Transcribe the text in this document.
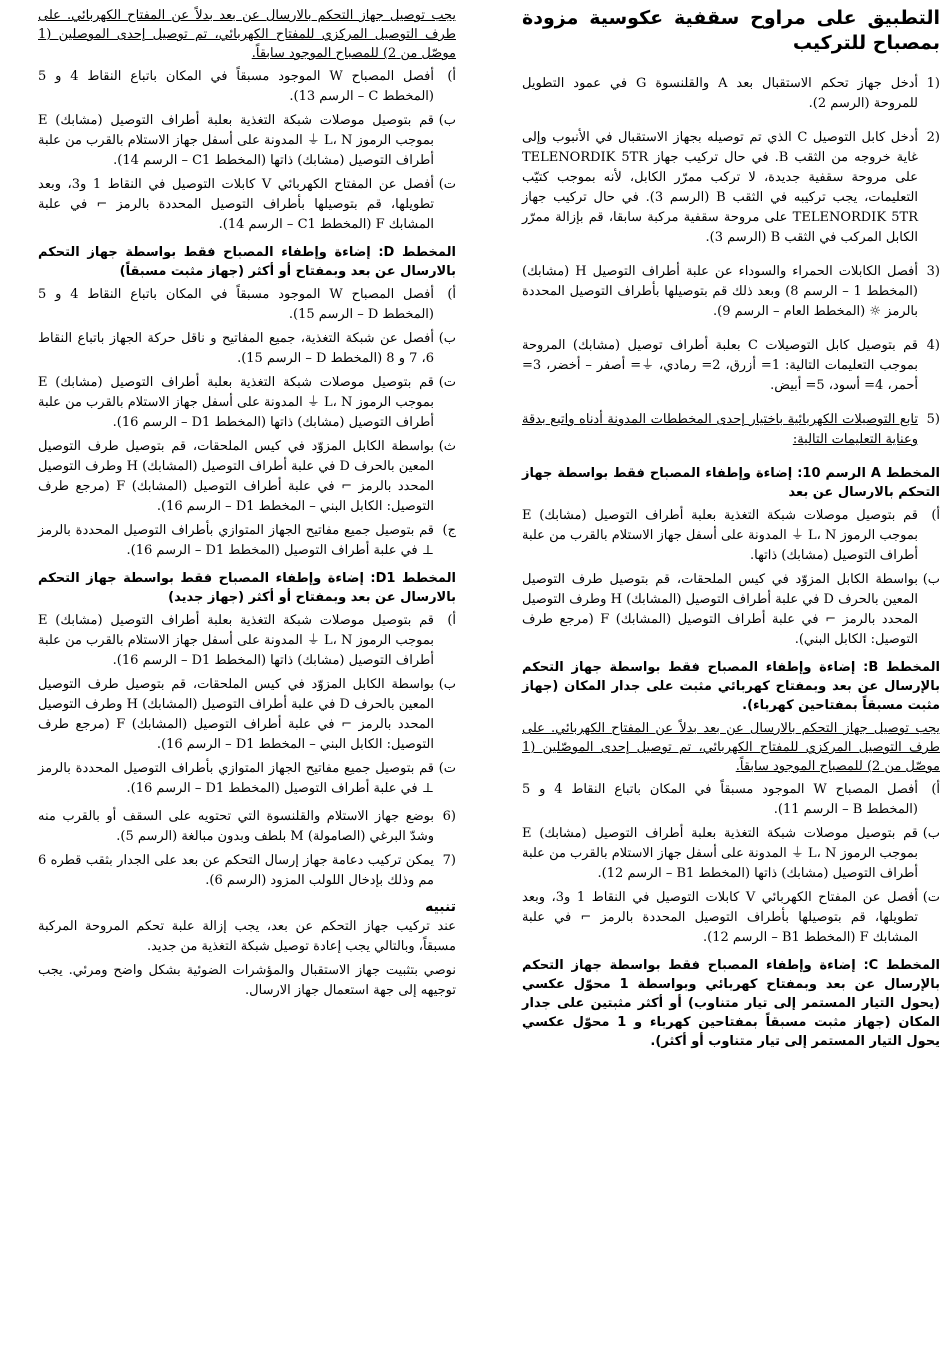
التطبيق على مراوح سقفية عكوسية مزودة بمصباح للتركيب
(1
أدخل جهاز تحكم الاستقبال بعد A والقلنسوة G في عمود التطويل للمروحة (الرسم 2).
(2
أدخل كابل التوصيل C الذي تم توصيله بجهاز الاستقبال في الأنبوب وإلى غاية خروجه من الثقب B. في حال تركيب جهاز TELENORDIK 5TR على مروحة سقفية جديدة، لا تركب ممرّر الكابل، لأنه بموجب كتيّب التعليمات، يجب تركيبه في الثقب B (الرسم 3). في حال تركيب جهاز TELENORDIK 5TR على مروحة سقفية مركبة سابقا، قم بإزالة ممرّر الكابل المركب في الثقب B (الرسم 3).
(3
أفصل الكابلات الحمراء والسوداء عن علبة أطراف التوصيل H (مشابك) (المخطط 1 – الرسم 8) وبعد ذلك قم بتوصيلها بأطراف التوصيل المحددة بالرمز ☼ (المخطط العام – الرسم 9).
(4
قم بتوصيل كابل التوصيلات C بعلبة أطراف توصيل (مشابك) المروحة بموجب التعليمات التالية: 1= أزرق، 2= رمادي، ⏚= أصفر – أخضر، 3= أحمر، 4= أسود، 5= أبيض.
(5
تابع التوصيلات الكهربائية باختيار إحدى المخططات المدونة أدناه واتبع بدقة وعناية التعليمات التالية:
المخطط A الرسم 10: إضاءة وإطفاء المصباح فقط بواسطة جهاز التحكم بالارسال عن بعد
أ)
قم بتوصيل موصلات شبكة التغذية بعلبة أطراف التوصيل (مشابك) E بموجب الرموز L، N ⏚ المدونة على أسفل جهاز الاستلام بالقرب من علبة أطراف التوصيل (مشابك) ذاتها.
ب)
بواسطة الكابل المزوّد في كيس الملحقات، قم بتوصيل طرف التوصيل المعين بالحرف D في علبة أطراف التوصيل (المشابك) H وطرف التوصيل المحدد بالرمز ⌐ في علبة أطراف التوصيل (المشابك) F (مرجع طرف التوصيل: الكابل البني).
المخطط B: إضاءة وإطفاء المصباح فقط بواسطة جهاز التحكم بالإرسال عن بعد وبمفتاح كهربائي مثبت على جدار المكان (جهاز مثبت مسبقاً بمفتاحين كهرباء).
يجب توصيل جهاز التحكم بالارسال عن بعد بدلاً عن المفتاح الكهربائي. على طرف التوصيل المركزي للمفتاح الكهربائي، تم توصيل إحدى الموصّلين (1 موصّل من 2) للمصباح الموجود سابقاً.
أ)
أفصل المصباح W الموجود مسبقاً في المكان باتباع النقاط 4 و 5 (المخطط B – الرسم 11).
ب)
قم بتوصيل موصلات شبكة التغذية بعلبة أطراف التوصيل (مشابك) E بموجب الرموز L، N ⏚ المدونة على أسفل جهاز الاستلام بالقرب من علبة أطراف التوصيل (مشابك) ذاتها (المخطط B1 – الرسم 12).
ت)
أفصل عن المفتاح الكهربائي V كابلات التوصيل في النقاط 1 و3، وبعد تطويلها، قم بتوصيلها بأطراف التوصيل المحددة بالرمز ⌐ في علبة المشابك F (المخطط B1 – الرسم 12).
المخطط C: إضاءة وإطفاء المصباح فقط بواسطة جهاز التحكم بالإرسال عن بعد وبمفتاح كهربائي وبواسطة 1 محوّل عكسي (يحول التيار المستمر إلى تيار متناوب) أو أكثر مثبتين على جدار المكان (جهاز مثبت مسبقاً بمفتاحين كهرباء و 1 محوّل عكسي يحول التيار المستمر إلى تيار متناوب أو أكثر).
يجب توصيل جهاز التحكم بالارسال عن بعد بدلاً عن المفتاح الكهربائي. على طرف التوصيل المركزي للمفتاح الكهربائي، تم توصيل إحدى الموصلين (1 موصّل من 2) للمصباح الموجود سابقاً.
أ)
أفصل المصباح W الموجود مسبقاً في المكان باتباع النقاط 4 و 5 (المخطط C – الرسم 13).
ب)
قم بتوصيل موصلات شبكة التغذية بعلبة أطراف التوصيل (مشابك) E بموجب الرموز L، N ⏚ المدونة على أسفل جهاز الاستلام بالقرب من علبة أطراف التوصيل (مشابك) ذاتها (المخطط C1 – الرسم 14).
ت)
أفصل عن المفتاح الكهربائي V كابلات التوصيل في النقاط 1 و3، وبعد تطويلها، قم بتوصيلها بأطراف التوصيل المحددة بالرمز ⌐ في علبة المشابك F (المخطط C1 – الرسم 14).
المخطط D: إضاءة وإطفاء المصباح فقط بواسطة جهاز التحكم بالارسال عن بعد وبمفتاح أو أكثر (جهاز مثبت مسبقاً)
أ)
أفصل المصباح W الموجود مسبقاً في المكان باتباع النقاط 4 و 5 (المخطط D – الرسم 15).
ب)
أفصل عن شبكة التغذية، جميع المفاتيح و ناقل حركة الجهاز باتباع النقاط 6، 7 و 8 (المخطط D – الرسم 15).
ت)
قم بتوصيل موصلات شبكة التغذية بعلبة أطراف التوصيل (مشابك) E بموجب الرموز L، N ⏚ المدونة على أسفل جهاز الاستلام بالقرب من علبة أطراف التوصيل (مشابك) ذاتها (المخطط D1 – الرسم 16).
ث)
بواسطة الكابل المزوّد في كيس الملحقات، قم بتوصيل طرف التوصيل المعين بالحرف D في علبة أطراف التوصيل (المشابك) H وطرف التوصيل المحدد بالرمز ⌐ في علبة أطراف التوصيل (المشابك) F (مرجع طرف التوصيل: الكابل البني – المخطط D1 – الرسم 16).
ج)
قم بتوصيل جميع مفاتيح الجهاز المتوازي بأطراف التوصيل المحددة بالرمز ⊥ في علبة أطراف التوصيل (المخطط D1 – الرسم 16).
المخطط D1: إضاءة وإطفاء المصباح فقط بواسطة جهاز التحكم بالارسال عن بعد وبمفتاح أو أكثر (جهاز جديد)
أ)
قم بتوصيل موصلات شبكة التغذية بعلبة أطراف التوصيل (مشابك) E بموجب الرموز L، N ⏚ المدونة على أسفل جهاز الاستلام بالقرب من علبة أطراف التوصيل (مشابك) ذاتها (المخطط D1 – الرسم 16).
ب)
بواسطة الكابل المزوّد في كيس الملحقات، قم بتوصيل طرف التوصيل المعين بالحرف D في علبة أطراف التوصيل (المشابك) H وطرف التوصيل المحدد بالرمز ⌐ في علبة أطراف التوصيل (المشابك) F (مرجع طرف التوصيل: الكابل البني – المخطط D1 – الرسم 16).
ت)
قم بتوصيل جميع مفاتيح الجهاز المتوازي بأطراف التوصيل المحددة بالرمز ⊥ في علبة أطراف التوصيل (المخطط D1 – الرسم 16).
(6
بوضع جهاز الاستلام والقلنسوة التي تحتويه على السقف أو بالقرب منه وشدّ البرغي (الصامولة) M بلطف وبدون مبالغة (الرسم 5).
(7
يمكن تركيب دعامة جهاز إرسال التحكم عن بعد على الجدار بثقب قطره 6 مم وذلك بإدخال اللولب المزود (الرسم 6).
تنبيه
عند تركيب جهاز التحكم عن بعد، يجب إزالة علبة تحكم المروحة المركبة مسبقاً، وبالتالي يجب إعادة توصيل شبكة التغذية من جديد.
نوصي بتثبيت جهاز الاستقبال والمؤشرات الضوئية بشكل واضح ومرئي. يجب توجيهه إلى جهة استعمال جهاز الارسال.
